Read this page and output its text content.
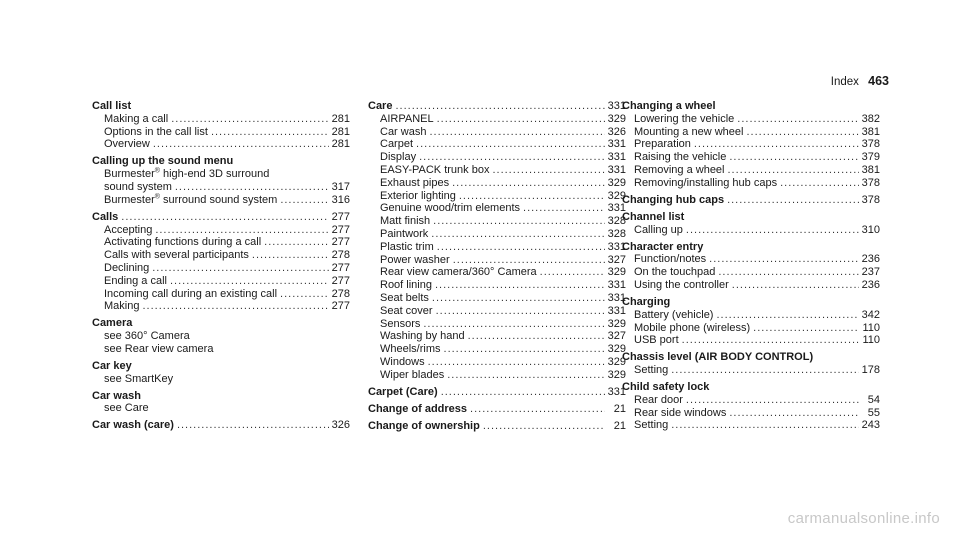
Index 463
Call list
Making a call .....	281
Options in the call list .....	281
Overview .....	281
Calling up the sound menu
Burmester® high-end 3D surround
sound system .....	317
Burmester® surround sound system .....	316
Calls .....	277
Accepting .....	277
Activating functions during a call .....	277
Calls with several participants .....	278
Declining .....	277
Ending a call .....	277
Incoming call during an existing call .....	278
Making .....	277
Camera
see 360° Camera
see Rear view camera
Car key
see SmartKey
Car wash
see Care
Car wash (care) .....	326
Care .....	331
AIRPANEL .....	329
Car wash .....	326
Carpet .....	331
Display .....	331
EASY-PACK trunk box .....	331
Exhaust pipes .....	329
Exterior lighting .....	329
Genuine wood/trim elements .....	331
Matt finish .....	328
Paintwork .....	328
Plastic trim .....	331
Power washer .....	327
Rear view camera/360° Camera .....	329
Roof lining .....	331
Seat belts .....	331
Seat cover .....	331
Sensors .....	329
Washing by hand .....	327
Wheels/rims .....	329
Windows .....	329
Wiper blades .....	329
Carpet (Care) .....	331
Change of address .....	21
Change of ownership .....	21
Changing a wheel
Lowering the vehicle .....	382
Mounting a new wheel .....	381
Preparation .....	378
Raising the vehicle .....	379
Removing a wheel .....	381
Removing/installing hub caps .....	378
Changing hub caps .....	378
Channel list
Calling up .....	310
Character entry
Function/notes .....	236
On the touchpad .....	237
Using the controller .....	236
Charging
Battery (vehicle) .....	342
Mobile phone (wireless) .....	110
USB port .....	110
Chassis level (AIR BODY CONTROL)
Setting .....	178
Child safety lock
Rear door .....	54
Rear side windows .....	55
Setting .....	243
carmanualsonline.info
